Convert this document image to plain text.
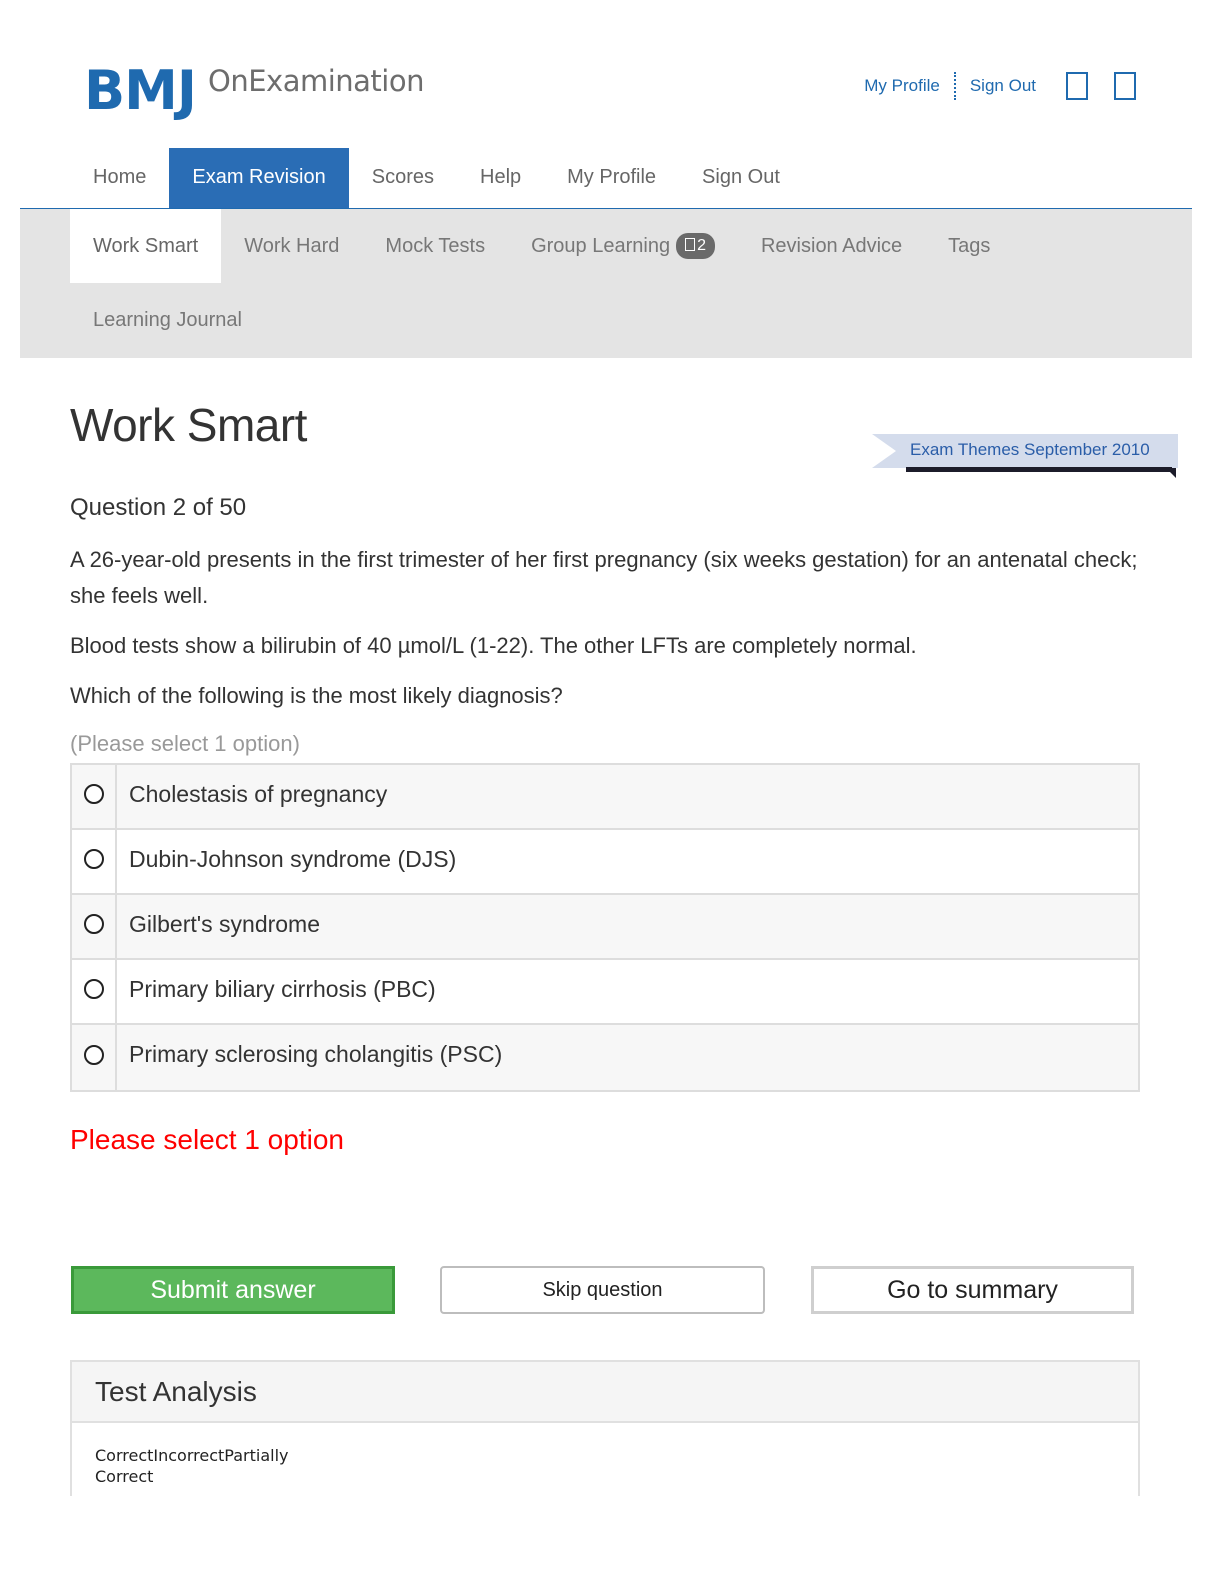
BMJ OnExamination	My Profile Sign Out
Home	Exam Revision	Scores	Help	My Profile	Sign Out
Work Smart	Work Hard	Mock Tests	Group Learning 2	Revision Advice	Tags
Learning Journal
Work Smart	Exam Themes September 2010
Question 2 of 50

A 26-year-old presents in the first trimester of her first pregnancy (six weeks gestation) for an antenatal check; she feels well.

Blood tests show a bilirubin of 40 µmol/L (1-22). The other LFTs are completely normal.

Which of the following is the most likely diagnosis?

(Please select 1 option)
Cholestasis of pregnancy
Dubin-Johnson syndrome (DJS)
Gilbert's syndrome
Primary biliary cirrhosis (PBC)
Primary sclerosing cholangitis (PSC)
Please select 1 option
Submit answer	Skip question	Go to summary
Test Analysis
CorrectIncorrectPartially Correct
